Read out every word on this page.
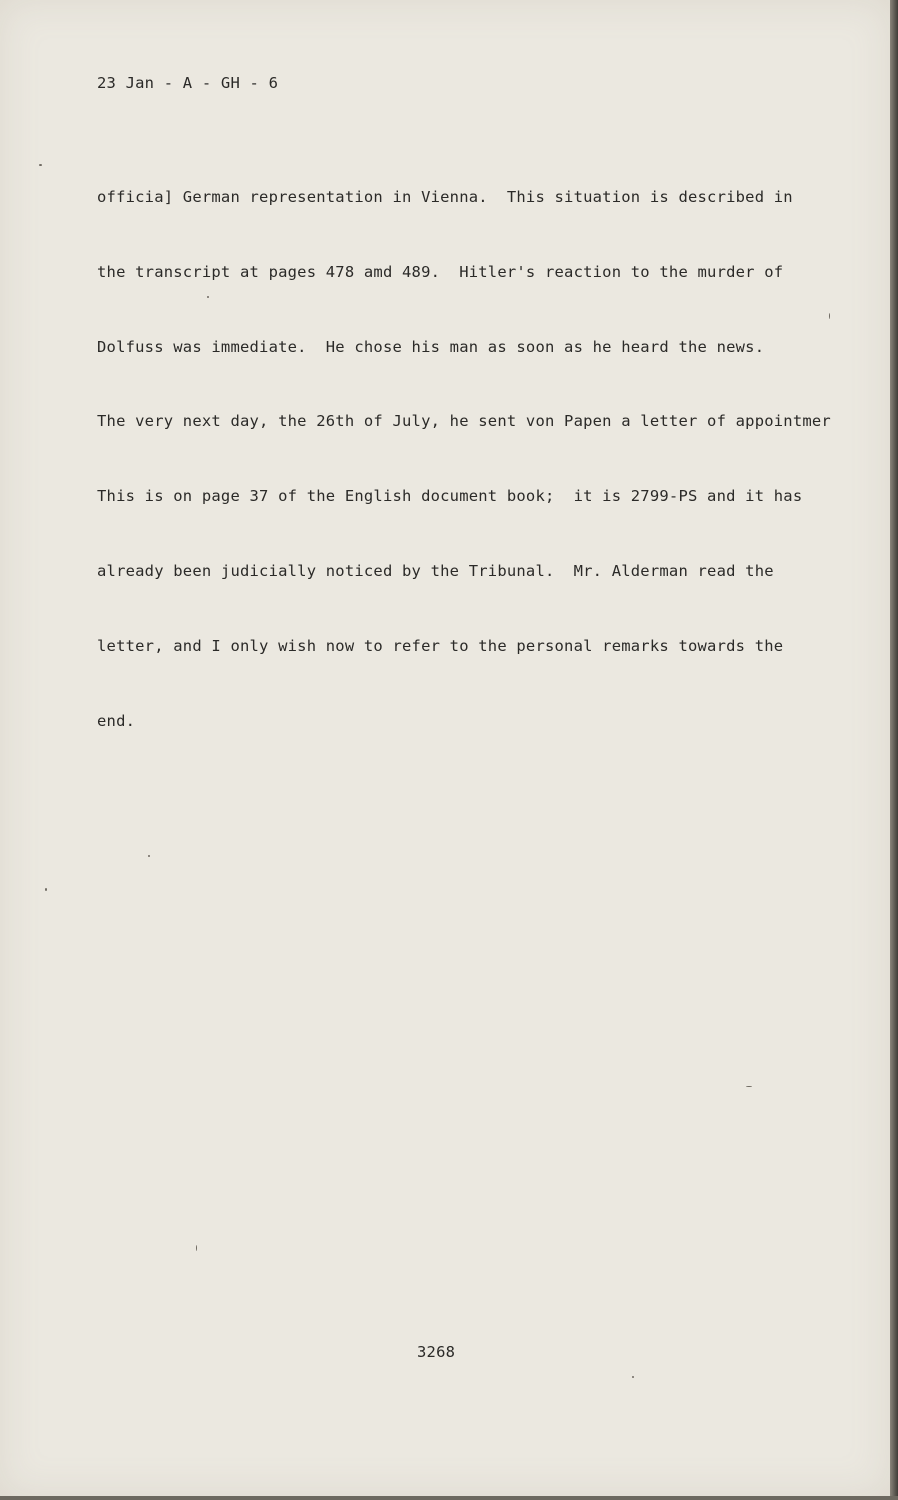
23 Jan - A - GH - 6

officia] German representation in Vienna.  This situation is described in

the transcript at pages 478 amd 489.  Hitler's reaction to the murder of

Dolfuss was immediate.  He chose his man as soon as he heard the news.

The very next day, the 26th of July, he sent von Papen a letter of appointmer

This is on page 37 of the English document book;  it is 2799-PS and it has

already been judicially noticed by the Tribunal.  Mr. Alderman read the

letter, and I only wish now to refer to the personal remarks towards the

end.

3268
